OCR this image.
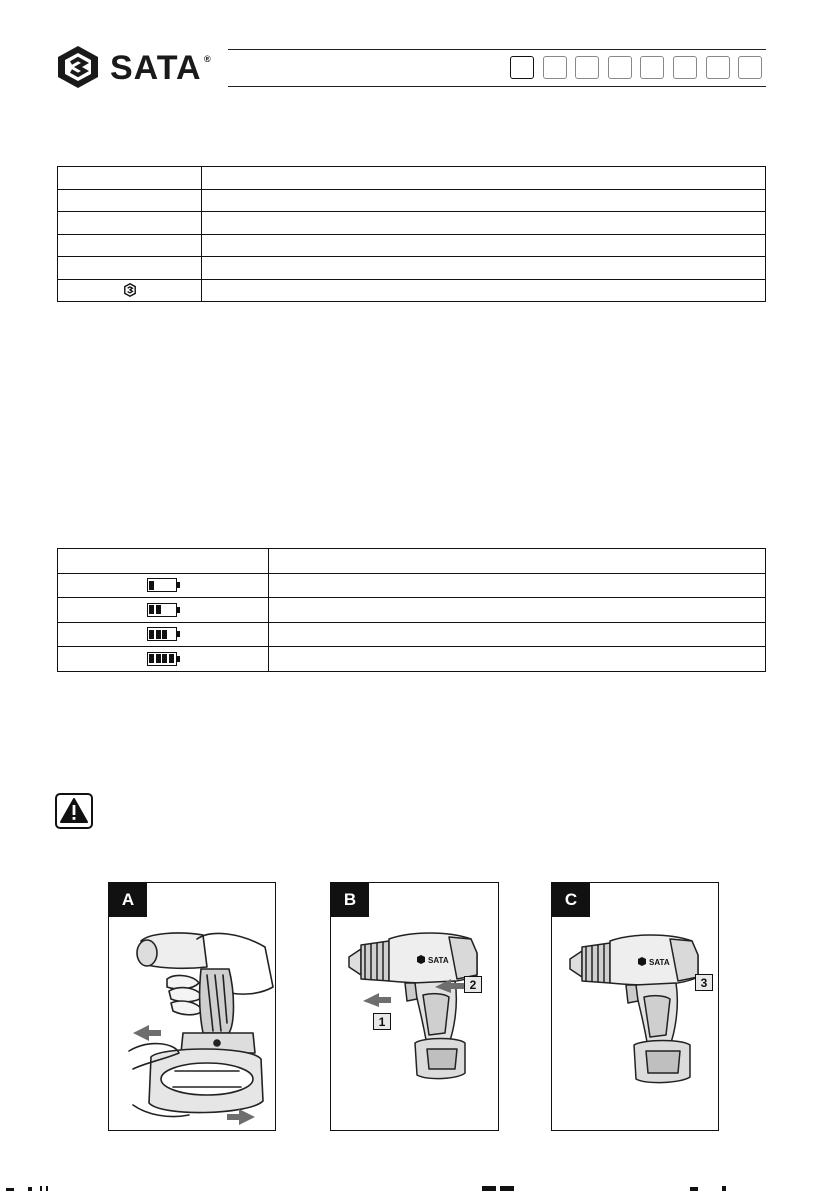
SATA ®

A
SATA
B
1
2
SATA
C
3
